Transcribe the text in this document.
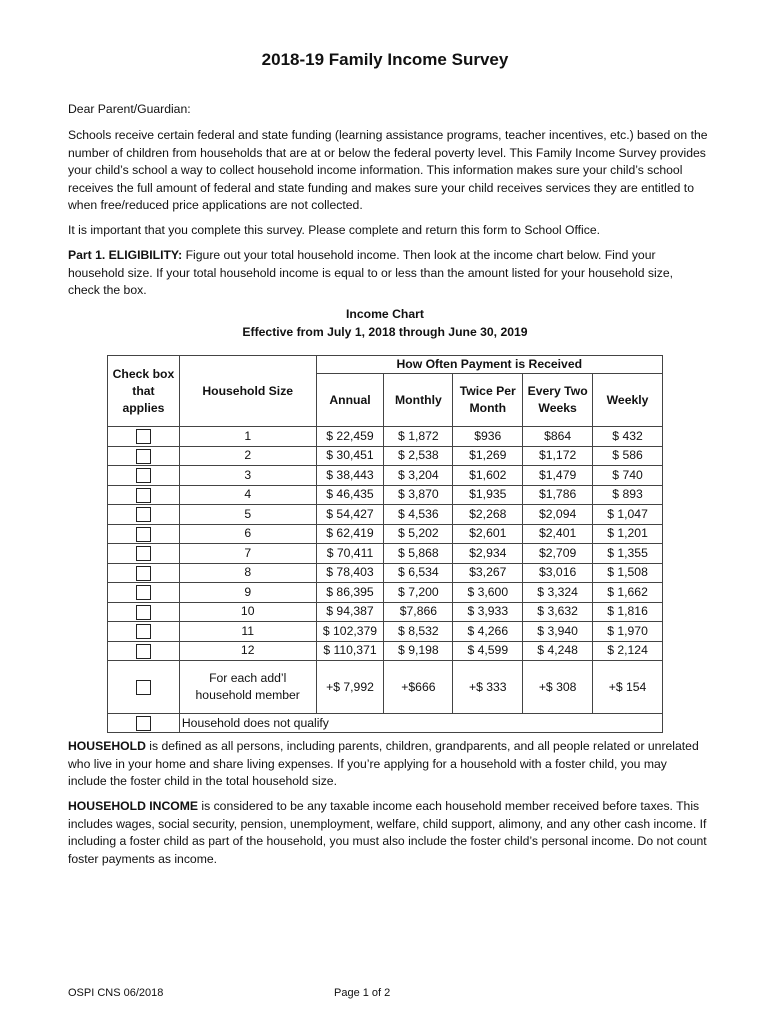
2018-19 Family Income Survey
Dear Parent/Guardian:
Schools receive certain federal and state funding (learning assistance programs, teacher incentives, etc.) based on the number of children from households that are at or below the federal poverty level. This Family Income Survey provides your child’s school a way to collect household income information. This information makes sure your child’s school receives the full amount of federal and state funding and makes sure your child receives services they are entitled to when free/reduced price applications are not collected.
It is important that you complete this survey. Please complete and return this form to School Office.
Part 1. ELIGIBILITY: Figure out your total household income. Then look at the income chart below. Find your household size. If your total household income is equal to or less than the amount listed for your household size, check the box.
Income Chart
Effective from July 1, 2018 through June 30, 2019
Check box that applies	Household Size	How Often Payment is Received				
		Annual	Monthly	Twice Per Month	Every Two Weeks	Weekly
	1	$ 22,459	$ 1,872	$936	$864	$ 432
	2	$ 30,451	$ 2,538	$1,269	$1,172	$ 586
	3	$ 38,443	$ 3,204	$1,602	$1,479	$ 740
	4	$ 46,435	$ 3,870	$1,935	$1,786	$ 893
	5	$ 54,427	$ 4,536	$2,268	$2,094	$ 1,047
	6	$ 62,419	$ 5,202	$2,601	$2,401	$ 1,201
	7	$ 70,411	$ 5,868	$2,934	$2,709	$ 1,355
	8	$ 78,403	$ 6,534	$3,267	$3,016	$ 1,508
	9	$ 86,395	$ 7,200	$ 3,600	$ 3,324	$ 1,662
	10	$ 94,387	$7,866	$ 3,933	$ 3,632	$ 1,816
	11	$ 102,379	$ 8,532	$ 4,266	$ 3,940	$ 1,970
	12	$ 110,371	$ 9,198	$ 4,599	$ 4,248	$ 2,124
	For each add’l household member	+$ 7,992	+$666	+$ 333	+$ 308	+$ 154
	Household does not qualify					
HOUSEHOLD is defined as all persons, including parents, children, grandparents, and all people related or unrelated who live in your home and share living expenses. If you’re applying for a household with a foster child, you may include the foster child in the total household size.
HOUSEHOLD INCOME is considered to be any taxable income each household member received before taxes. This includes wages, social security, pension, unemployment, welfare, child support, alimony, and any other cash income. If including a foster child as part of the household, you must also include the foster child’s personal income. Do not count foster payments as income.
OSPI CNS 06/2018	Page 1 of 2
